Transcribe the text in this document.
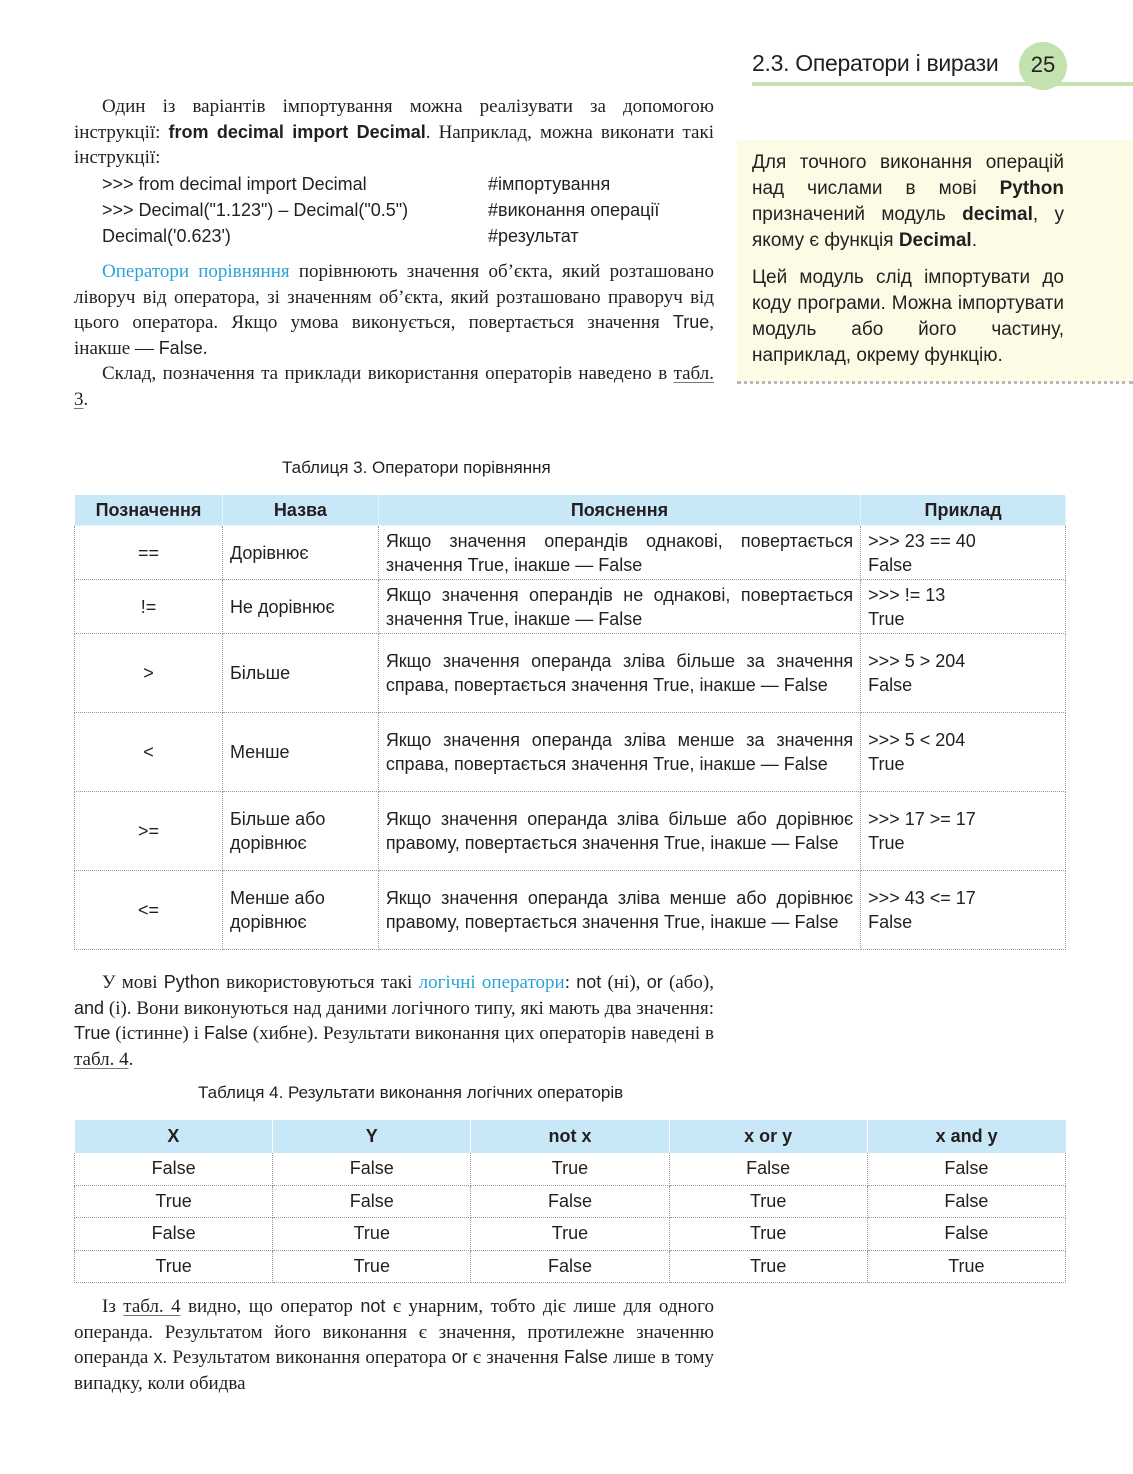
2.3. Оператори і вирази	25

Один із варіантів імпортування можна реалізувати за допомогою інструкції: from decimal import Decimal. Наприклад, можна виконати такі інструкції:

>>> from decimal import Decimal	#імпортування
>>> Decimal("1.123") – Decimal("0.5")	#виконання операції
Decimal('0.623')	#результат

Оператори порівняння порівнюють значення об’єкта, який розташовано ліворуч від оператора, зі значенням об’єкта, який розташовано праворуч від цього оператора. Якщо умова виконується, повертається значення True, інакше — False.

Склад, позначення та приклади використання операторів наведено в табл. 3.

Для точного виконання операцій над числами в мові Python призначений модуль decimal, у якому є функція Decimal.

Цей модуль слід імпортувати до коду програми. Можна імпортувати модуль або його частину, наприклад, окрему функцію.

Таблиця 3. Оператори порівняння
Позначення	Назва	Пояснення	Приклад
==	Дорівнює	Якщо значення операндів однакові, повертається значення True, інакше — False	>>> 23 == 40
False

!=	Не дорівнює	Якщо значення операндів не однакові, повертається значення True, інакше — False	>>> != 13
True

>	Більше	Якщо значення операнда зліва більше за значення справа, повертається значення True, інакше — False	>>> 5 > 204
False

<	Менше	Якщо значення операнда зліва менше за значення справа, повертається значення True, інакше — False	>>> 5 < 204
True

>=	Більше або дорівнює	Якщо значення операнда зліва більше або дорівнює правому, повертається значення True, інакше — False	>>> 17 >= 17
True

<=	Менше або дорівнює	Якщо значення операнда зліва менше або дорівнює правому, повертається значення True, інакше — False	>>> 43 <= 17
False

У мові Python використовуються такі логічні оператори: not (ні), or (або), and (і). Вони виконуються над даними логічного типу, які мають два значення: True (істинне) і False (хибне). Результати виконання цих операторів наведені в табл. 4.

Таблиця 4. Результати виконання логічних операторів
X	Y	not x	x or y	x and y
False	False	True	False	False
True	False	False	True	False
False	True	True	True	False
True	True	False	True	True

Із табл. 4 видно, що оператор not є унарним, тобто діє лише для одного операнда. Результатом його виконання є значення, протилежне значенню операнда x. Результатом виконання оператора or є значення False лише в тому випадку, коли обидва
